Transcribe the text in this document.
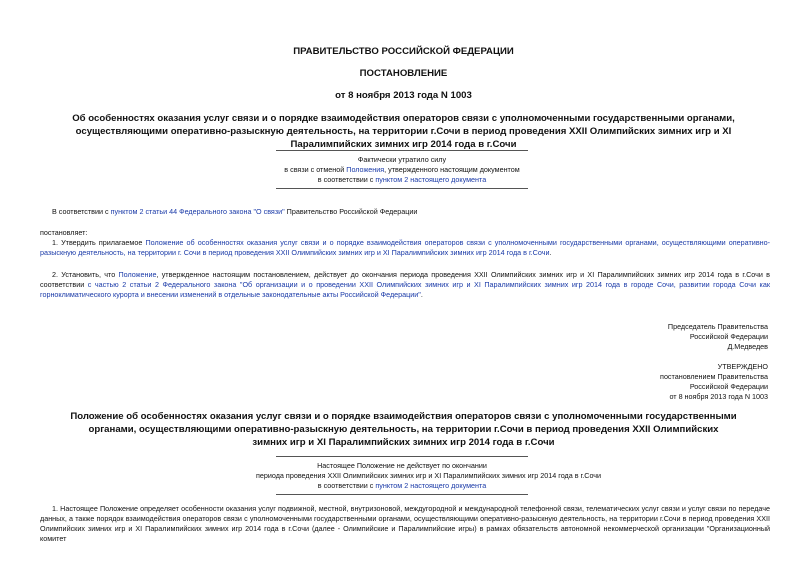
ПРАВИТЕЛЬСТВО РОССИЙСКОЙ ФЕДЕРАЦИИ
ПОСТАНОВЛЕНИЕ
от 8 ноября 2013 года N 1003
Об особенностях оказания услуг связи и о порядке взаимодействия операторов связи с уполномоченными государственными органами, осуществляющими оперативно-разыскную деятельность, на территории г.Сочи в период проведения XXII Олимпийских зимних игр и XI Паралимпийских зимних игр 2014 года в г.Сочи
Фактически утратило силу
в связи с отменой Положения, утвержденного настоящим документом
в соответствии с пунктом 2 настоящего документа
В соответствии с пунктом 2 статьи 44 Федерального закона "О связи" Правительство Российской Федерации
постановляет:
1. Утвердить прилагаемое Положение об особенностях оказания услуг связи и о порядке взаимодействия операторов связи с уполномоченными государственными органами, осуществляющими оперативно-разыскную деятельность, на территории г. Сочи в период проведения XXII Олимпийских зимних игр и XI Паралимпийских зимних игр 2014 года в г.Сочи.
2. Установить, что Положение, утвержденное настоящим постановлением, действует до окончания периода проведения XXII Олимпийских зимних игр и XI Паралимпийских зимних игр 2014 года в г.Сочи в соответствии с частью 2 статьи 2 Федерального закона "Об организации и о проведении XXII Олимпийских зимних игр и XI Паралимпийских зимних игр 2014 года в городе Сочи, развитии города Сочи как горноклиматического курорта и внесении изменений в отдельные законодательные акты Российской Федерации".
Председатель Правительства
Российской Федерации
Д.Медведев
УТВЕРЖДЕНО
постановлением Правительства
Российской Федерации
от 8 ноября 2013 года N 1003
Положение об особенностях оказания услуг связи и о порядке взаимодействия операторов связи с уполномоченными государственными органами, осуществляющими оперативно-разыскную деятельность, на территории г.Сочи в период проведения XXII Олимпийских зимних игр и XI Паралимпийских зимних игр 2014 года в г.Сочи
Настоящее Положение не действует по окончании
периода проведения XXII Олимпийских зимних игр и XI Паралимпийских зимних игр 2014 года в г.Сочи
в соответствии с пунктом 2 настоящего документа
1. Настоящее Положение определяет особенности оказания услуг подвижной, местной, внутризоновой, междугородной и международной телефонной связи, телематических услуг связи и услуг связи по передаче данных, а также порядок взаимодействия операторов связи с уполномоченными государственными органами, осуществляющими оперативно-разыскную деятельность, на территории г.Сочи в период проведения XXII Олимпийских зимних игр и XI Паралимпийских зимних игр 2014 года в г.Сочи (далее - Олимпийские и Паралимпийские игры) в рамках обязательств автономной некоммерческой организации "Организационный комитет
